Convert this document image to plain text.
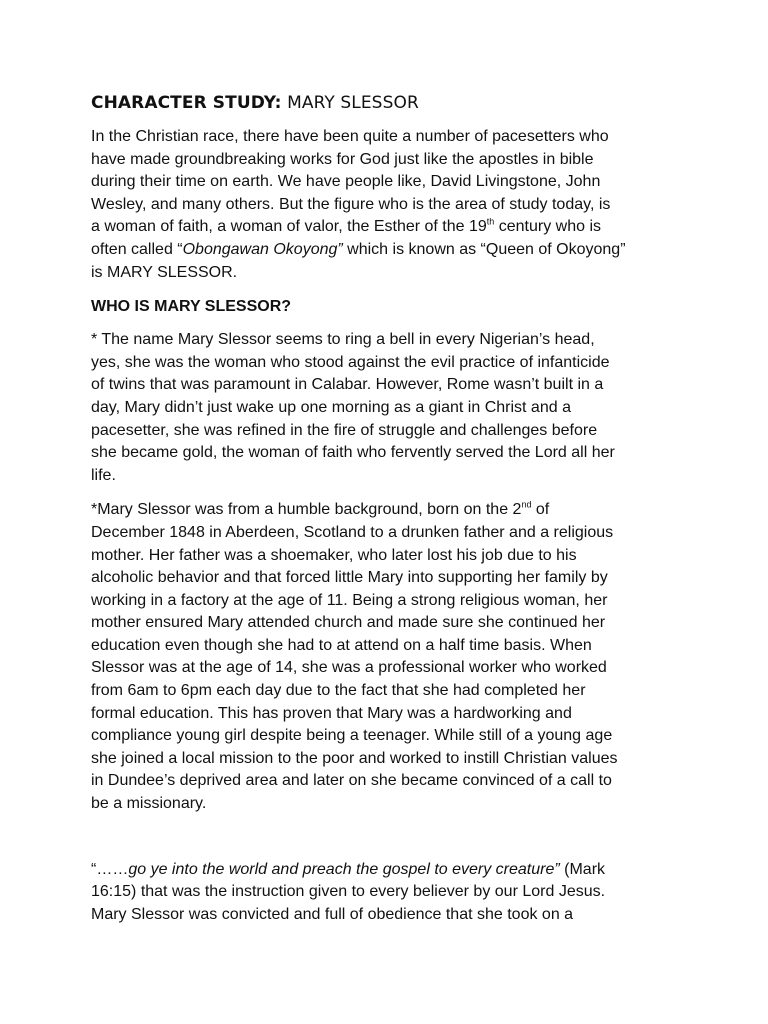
CHARACTER STUDY: MARY SLESSOR

In the Christian race, there have been quite a number of pacesetters who
have made groundbreaking works for God just like the apostles in bible
during their time on earth. We have people like, David Livingstone, John
Wesley, and many others. But the figure who is the area of study today, is
a woman of faith, a woman of valor, the Esther of the 19th century who is
often called “Obongawan Okoyong” which is known as “Queen of Okoyong”
is MARY SLESSOR.

WHO IS MARY SLESSOR?

* The name Mary Slessor seems to ring a bell in every Nigerian’s head,
yes, she was the woman who stood against the evil practice of infanticide
of twins that was paramount in Calabar. However, Rome wasn’t built in a
day, Mary didn’t just wake up one morning as a giant in Christ and a
pacesetter, she was refined in the fire of struggle and challenges before
she became gold, the woman of faith who fervently served the Lord all her
life.

*Mary Slessor was from a humble background, born on the 2nd of
December 1848 in Aberdeen, Scotland to a drunken father and a religious
mother. Her father was a shoemaker, who later lost his job due to his
alcoholic behavior and that forced little Mary into supporting her family by
working in a factory at the age of 11. Being a strong religious woman, her
mother ensured Mary attended church and made sure she continued her
education even though she had to at attend on a half time basis. When
Slessor was at the age of 14, she was a professional worker who worked
from 6am to 6pm each day due to the fact that she had completed her
formal education. This has proven that Mary was a hardworking and
compliance young girl despite being a teenager. While still of a young age
she joined a local mission to the poor and worked to instill Christian values
in Dundee’s deprived area and later on she became convinced of a call to
be a missionary.

“……go ye into the world and preach the gospel to every creature” (Mark
16:15) that was the instruction given to every believer by our Lord Jesus.
Mary Slessor was convicted and full of obedience that she took on a
